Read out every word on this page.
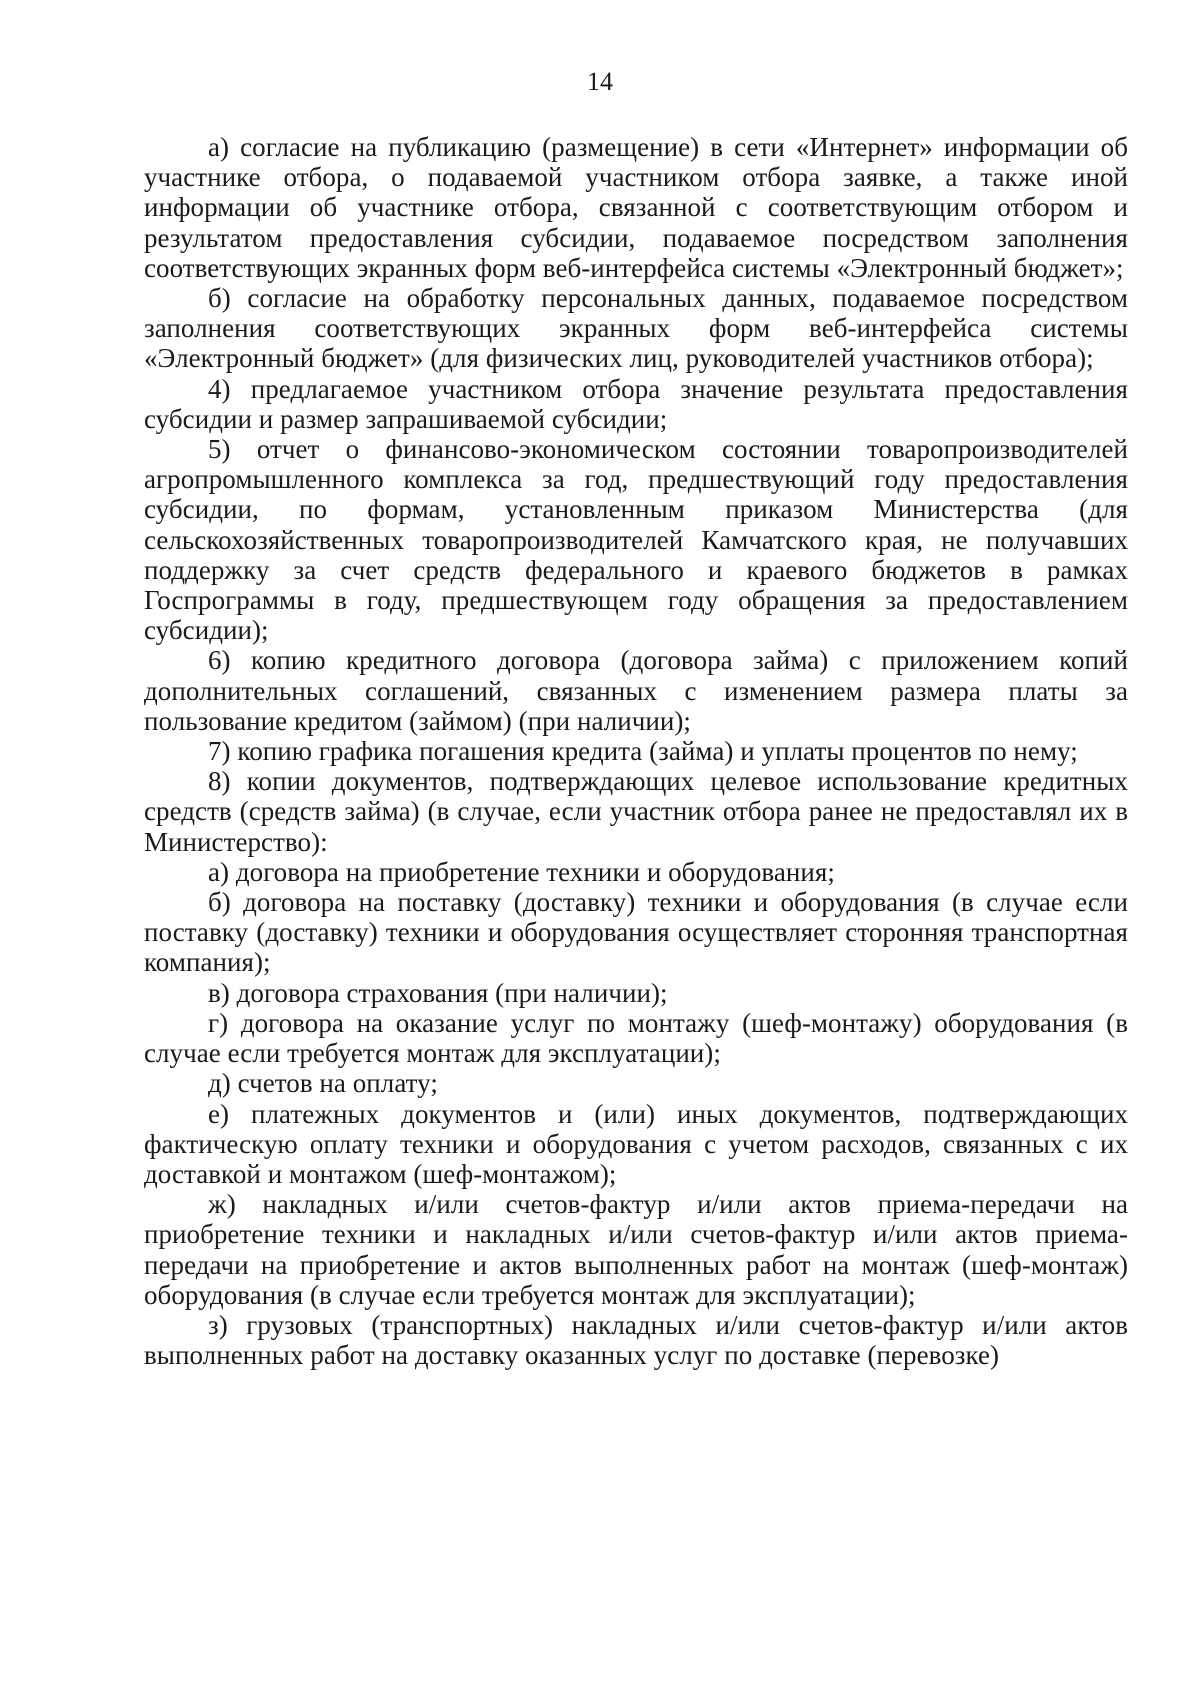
14

а) согласие на публикацию (размещение) в сети «Интернет» информации об участнике отбора, о подаваемой участником отбора заявке, а также иной информации об участнике отбора, связанной с соответствующим отбором и результатом предоставления субсидии, подаваемое посредством заполнения соответствующих экранных форм веб-интерфейса системы «Электронный бюджет»;

б) согласие на обработку персональных данных, подаваемое посредством заполнения соответствующих экранных форм веб-интерфейса системы «Электронный бюджет» (для физических лиц, руководителей участников отбора);

4) предлагаемое участником отбора значение результата предоставления субсидии и размер запрашиваемой субсидии;

5) отчет о финансово-экономическом состоянии товаропроизводителей агропромышленного комплекса за год, предшествующий году предоставления субсидии, по формам, установленным приказом Министерства (для сельскохозяйственных товаропроизводителей Камчатского края, не получавших поддержку за счет средств федерального и краевого бюджетов в рамках Госпрограммы в году, предшествующем году обращения за предоставлением субсидии);

6) копию кредитного договора (договора займа) с приложением копий дополнительных соглашений, связанных с изменением размера платы за пользование кредитом (займом) (при наличии);

7) копию графика погашения кредита (займа) и уплаты процентов по нему;

8) копии документов, подтверждающих целевое использование кредитных средств (средств займа) (в случае, если участник отбора ранее не предоставлял их в Министерство):

а) договора на приобретение техники и оборудования;

б) договора на поставку (доставку) техники и оборудования (в случае если поставку (доставку) техники и оборудования осуществляет сторонняя транспортная компания);

в) договора страхования (при наличии);

г) договора на оказание услуг по монтажу (шеф-монтажу) оборудования (в случае если требуется монтаж для эксплуатации);

д) счетов на оплату;

е) платежных документов и (или) иных документов, подтверждающих фактическую оплату техники и оборудования с учетом расходов, связанных с их доставкой и монтажом (шеф-монтажом);

ж) накладных и/или счетов-фактур и/или актов приема-передачи на приобретение техники и накладных и/или счетов-фактур и/или актов приема-передачи на приобретение и актов выполненных работ на монтаж (шеф-монтаж) оборудования (в случае если требуется монтаж для эксплуатации);

з) грузовых (транспортных) накладных и/или счетов-фактур и/или актов выполненных работ на доставку оказанных услуг по доставке (перевозке)
